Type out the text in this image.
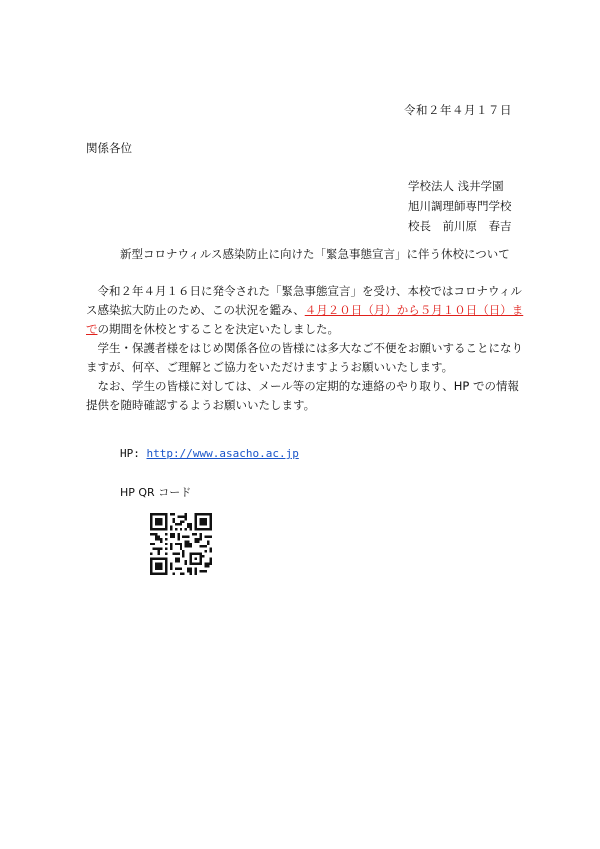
令和２年４月１７日
関係各位
学校法人 浅井学園
旭川調理師専門学校
校長　前川原　春吉
新型コロナウィルス感染防止に向けた「緊急事態宣言」に伴う休校について

令和２年４月１６日に発令された「緊急事態宣言」を受け、本校ではコロナウィルス感染拡大防止のため、この状況を鑑み、４月２０日（月）から５月１０日（日）までの期間を休校とすることを決定いたしました。

学生・保護者様をはじめ関係各位の皆様には多大なご不便をお願いすることになりますが、何卒、ご理解とご協力をいただけますようお願いいたします。

なお、学生の皆様に対しては、メール等の定期的な連絡のやり取り、HP での情報提供を随時確認するようお願いいたします。

HP: http://www.asacho.ac.jp
HP QR コード
